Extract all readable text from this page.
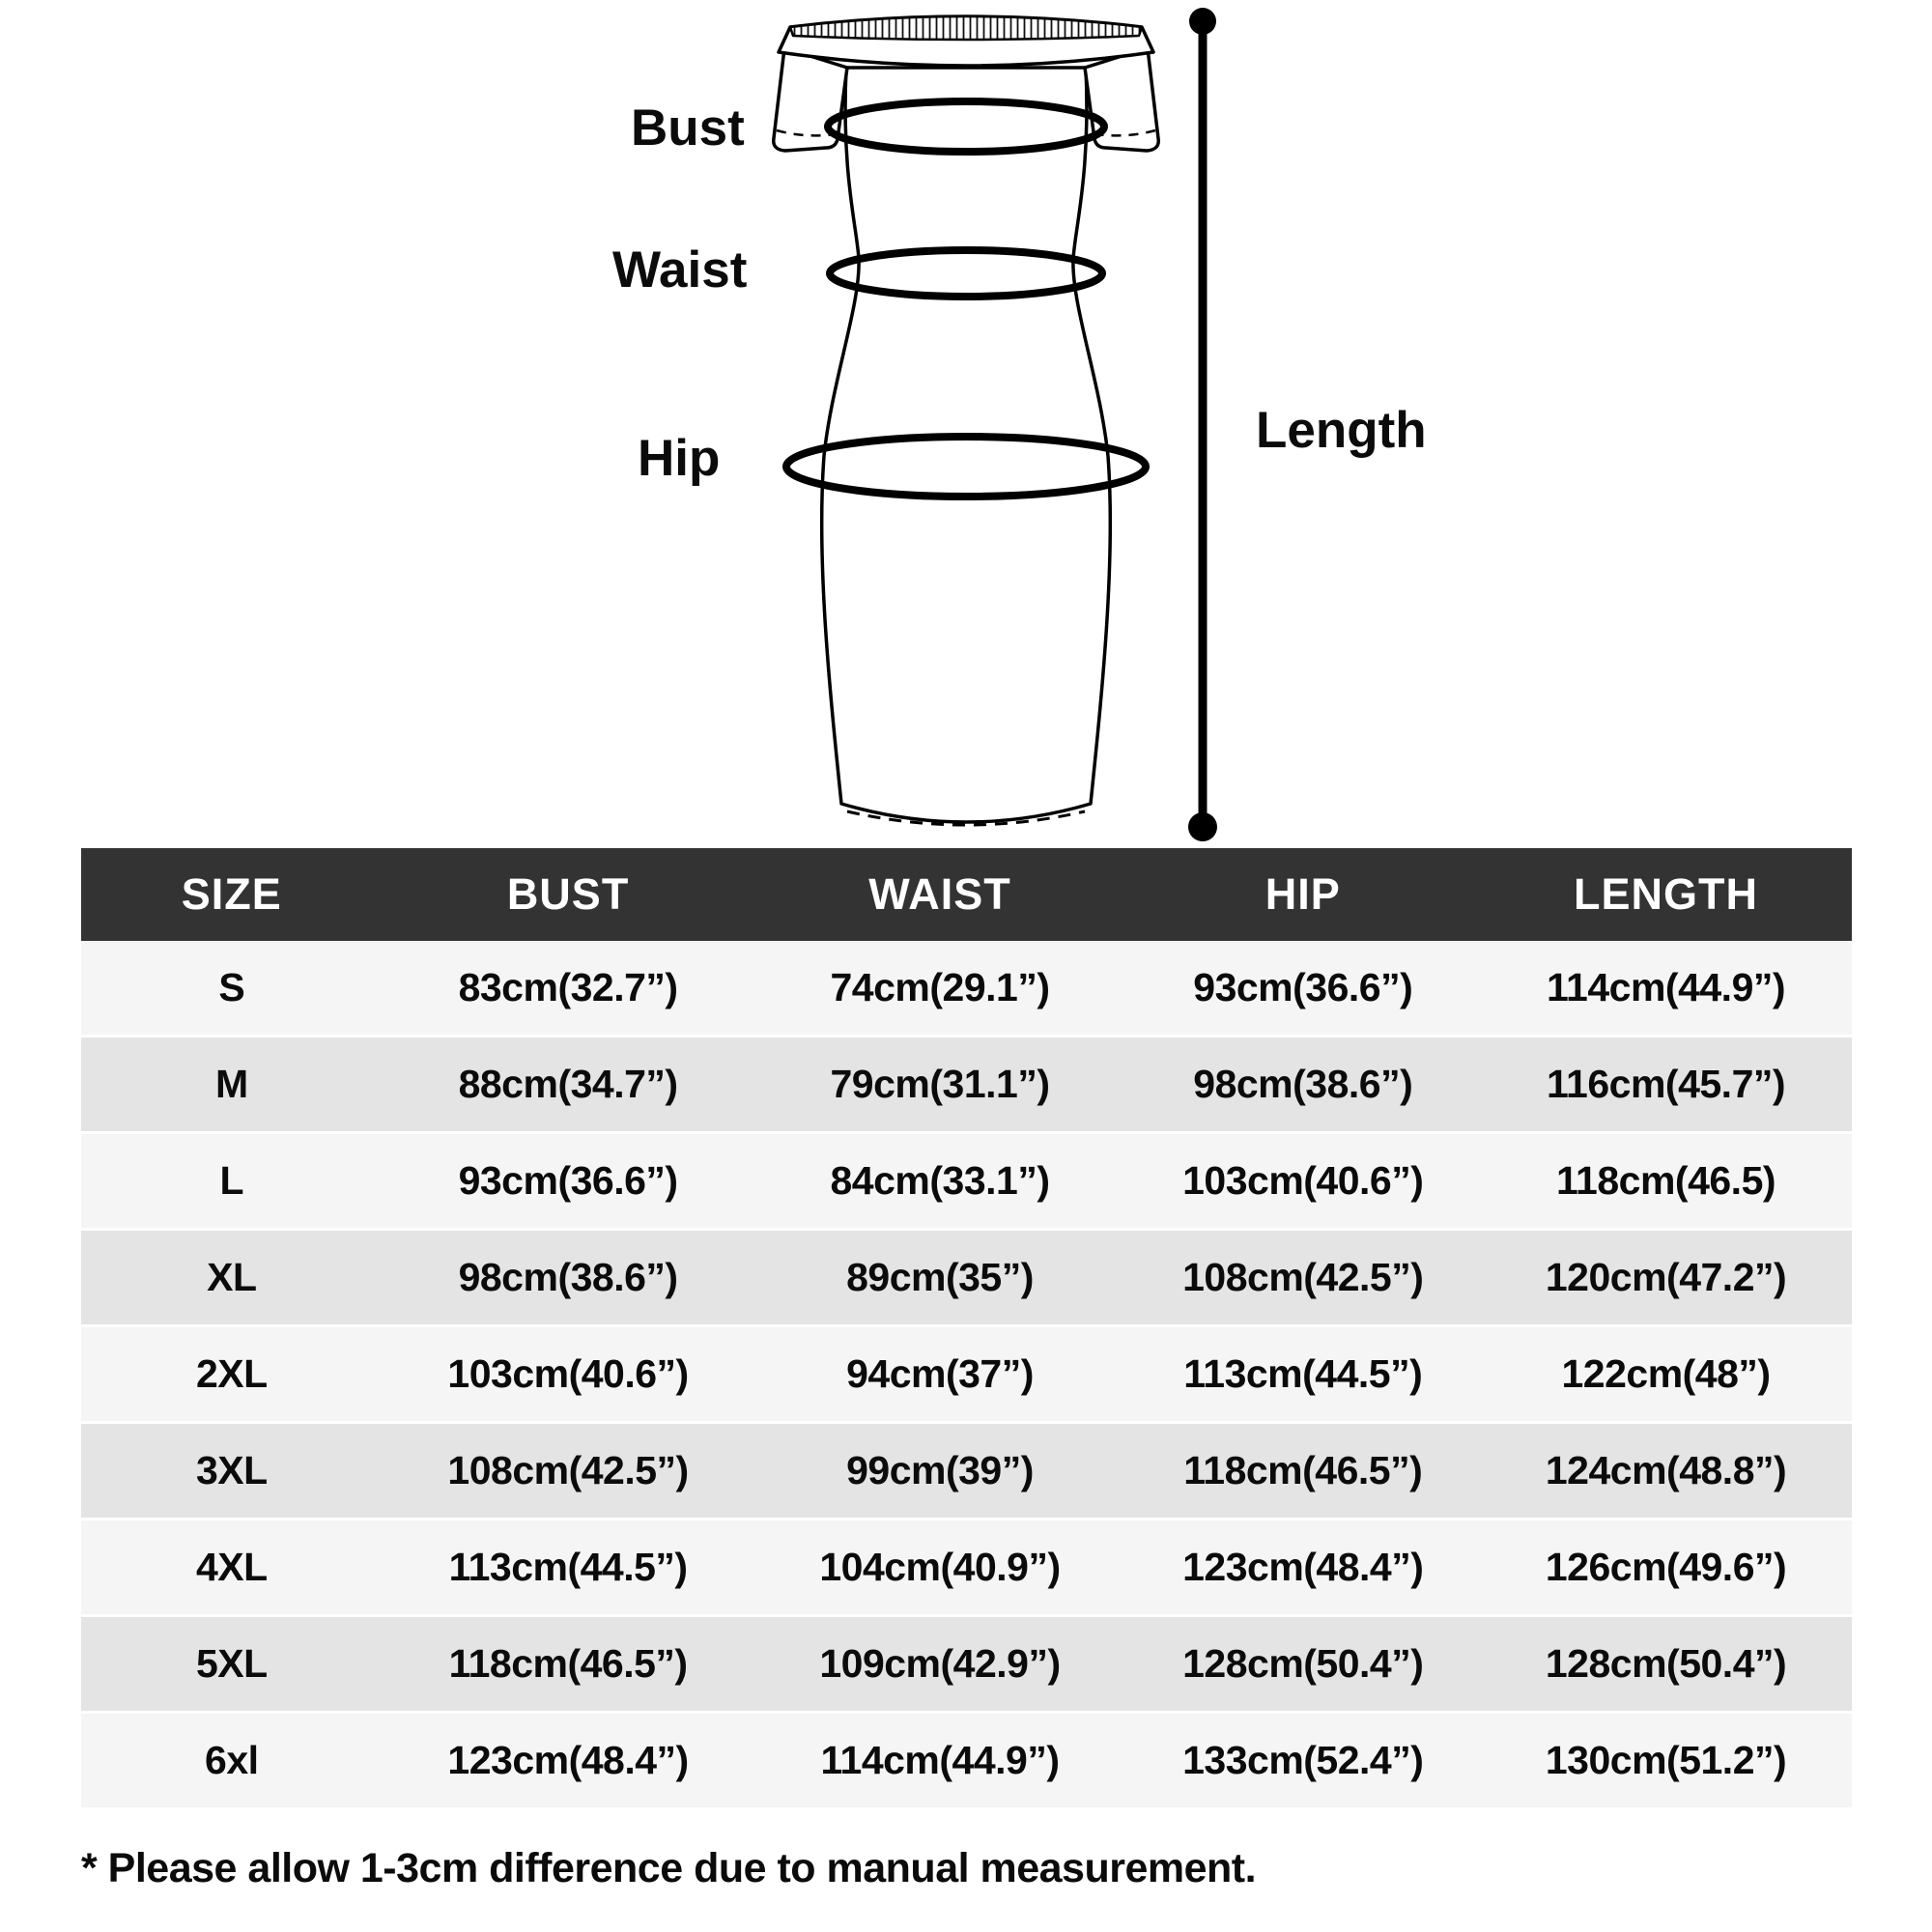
Bust
Waist
Hip	Length
SIZE	BUST	WAIST	HIP	LENGTH
S	83cm(32.7”)	74cm(29.1”)	93cm(36.6”)	114cm(44.9”)
M	88cm(34.7”)	79cm(31.1”)	98cm(38.6”)	116cm(45.7”)
L	93cm(36.6”)	84cm(33.1”)	103cm(40.6”)	118cm(46.5)
XL	98cm(38.6”)	89cm(35”)	108cm(42.5”)	120cm(47.2”)
2XL	103cm(40.6”)	94cm(37”)	113cm(44.5”)	122cm(48”)
3XL	108cm(42.5”)	99cm(39”)	118cm(46.5”)	124cm(48.8”)
4XL	113cm(44.5”)	104cm(40.9”)	123cm(48.4”)	126cm(49.6”)
5XL	118cm(46.5”)	109cm(42.9”)	128cm(50.4”)	128cm(50.4”)
6xl	123cm(48.4”)	114cm(44.9”)	133cm(52.4”)	130cm(51.2”)
* Please allow 1-3cm difference due to manual measurement.
